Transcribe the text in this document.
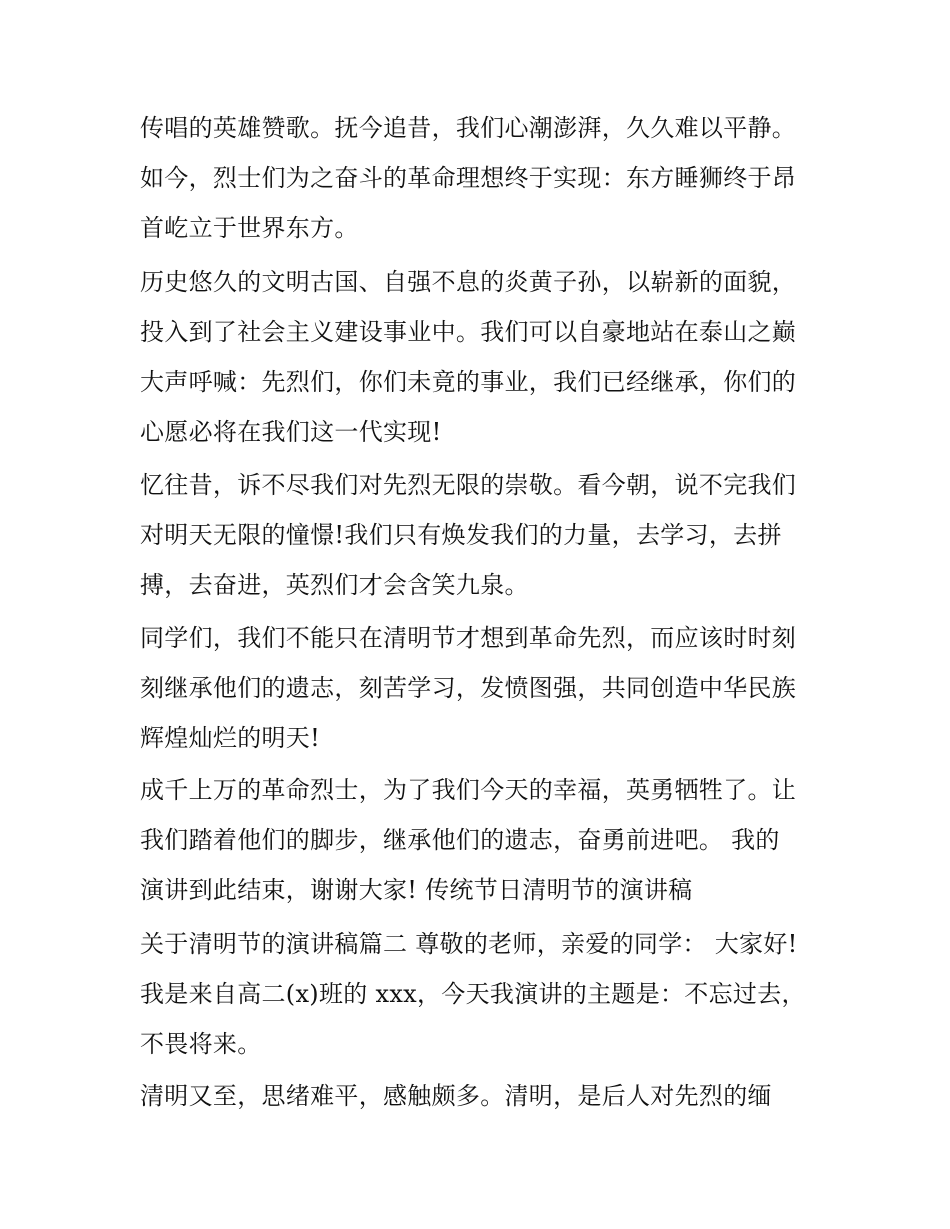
传唱的英雄赞歌。抚今追昔，我们心潮澎湃，久久难以平静。
如今，烈士们为之奋斗的革命理想终于实现：东方睡狮终于昂
首屹立于世界东方。
历史悠久的文明古国、自强不息的炎黄子孙，以崭新的面貌，
投入到了社会主义建设事业中。我们可以自豪地站在泰山之巅
大声呼喊：先烈们，你们未竟的事业，我们已经继承，你们的
心愿必将在我们这一代实现!
忆往昔，诉不尽我们对先烈无限的崇敬。看今朝，说不完我们
对明天无限的憧憬!我们只有焕发我们的力量，去学习，去拼
搏，去奋进，英烈们才会含笑九泉。
同学们，我们不能只在清明节才想到革命先烈，而应该时时刻
刻继承他们的遗志，刻苦学习，发愤图强，共同创造中华民族
辉煌灿烂的明天!
成千上万的革命烈士，为了我们今天的幸福，英勇牺牲了。让
我们踏着他们的脚步，继承他们的遗志，奋勇前进吧。 我的
演讲到此结束，谢谢大家! 传统节日清明节的演讲稿
关于清明节的演讲稿篇二 尊敬的老师，亲爱的同学： 大家好!
我是来自高二(x)班的 xxx，今天我演讲的主题是：不忘过去，
不畏将来。
清明又至，思绪难平，感触颇多。清明，是后人对先烈的缅
